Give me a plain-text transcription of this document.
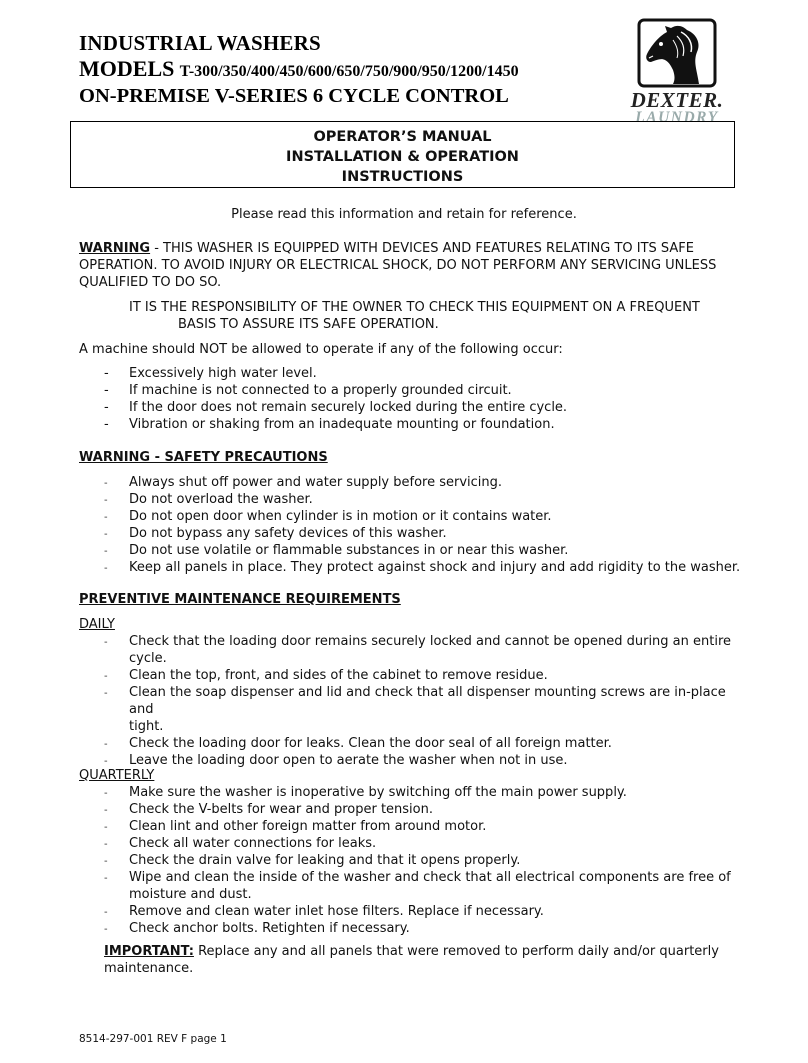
INDUSTRIAL WASHERS
MODELS T-300/350/400/450/600/650/750/900/950/1200/1450
ON-PREMISE V-SERIES 6 CYCLE CONTROL	DEXTER.
LAUNDRY
OPERATOR’S MANUAL
INSTALLATION & OPERATION
INSTRUCTIONS
Please read this information and retain for reference.
WARNING - THIS WASHER IS EQUIPPED WITH DEVICES AND FEATURES RELATING TO ITS SAFE
OPERATION. TO AVOID INJURY OR ELECTRICAL SHOCK, DO NOT PERFORM ANY SERVICING UNLESS
QUALIFIED TO DO SO.
IT IS THE RESPONSIBILITY OF THE OWNER TO CHECK THIS EQUIPMENT ON A FREQUENT
BASIS TO ASSURE ITS SAFE OPERATION.
A machine should NOT be allowed to operate if any of the following occur:
- Excessively high water level.
- If machine is not connected to a properly grounded circuit.
- If the door does not remain securely locked during the entire cycle.
- Vibration or shaking from an inadequate mounting or foundation.
WARNING - SAFETY PRECAUTIONS
- Always shut off power and water supply before servicing.
- Do not overload the washer.
- Do not open door when cylinder is in motion or it contains water.
- Do not bypass any safety devices of this washer.
- Do not use volatile or flammable substances in or near this washer.
- Keep all panels in place. They protect against shock and injury and add rigidity to the washer.
PREVENTIVE MAINTENANCE REQUIREMENTS
DAILY
- Check that the loading door remains securely locked and cannot be opened during an entire
cycle.
- Clean the top, front, and sides of the cabinet to remove residue.
- Clean the soap dispenser and lid and check that all dispenser mounting screws are in-place and
tight.
- Check the loading door for leaks. Clean the door seal of all foreign matter.
- Leave the loading door open to aerate the washer when not in use.
QUARTERLY
- Make sure the washer is inoperative by switching off the main power supply.
- Check the V-belts for wear and proper tension.
- Clean lint and other foreign matter from around motor.
- Check all water connections for leaks.
- Check the drain valve for leaking and that it opens properly.
- Wipe and clean the inside of the washer and check that all electrical components are free of
moisture and dust.
- Remove and clean water inlet hose filters. Replace if necessary.
- Check anchor bolts. Retighten if necessary.
IMPORTANT: Replace any and all panels that were removed to perform daily and/or quarterly
maintenance.
8514-297-001 REV F page 1
